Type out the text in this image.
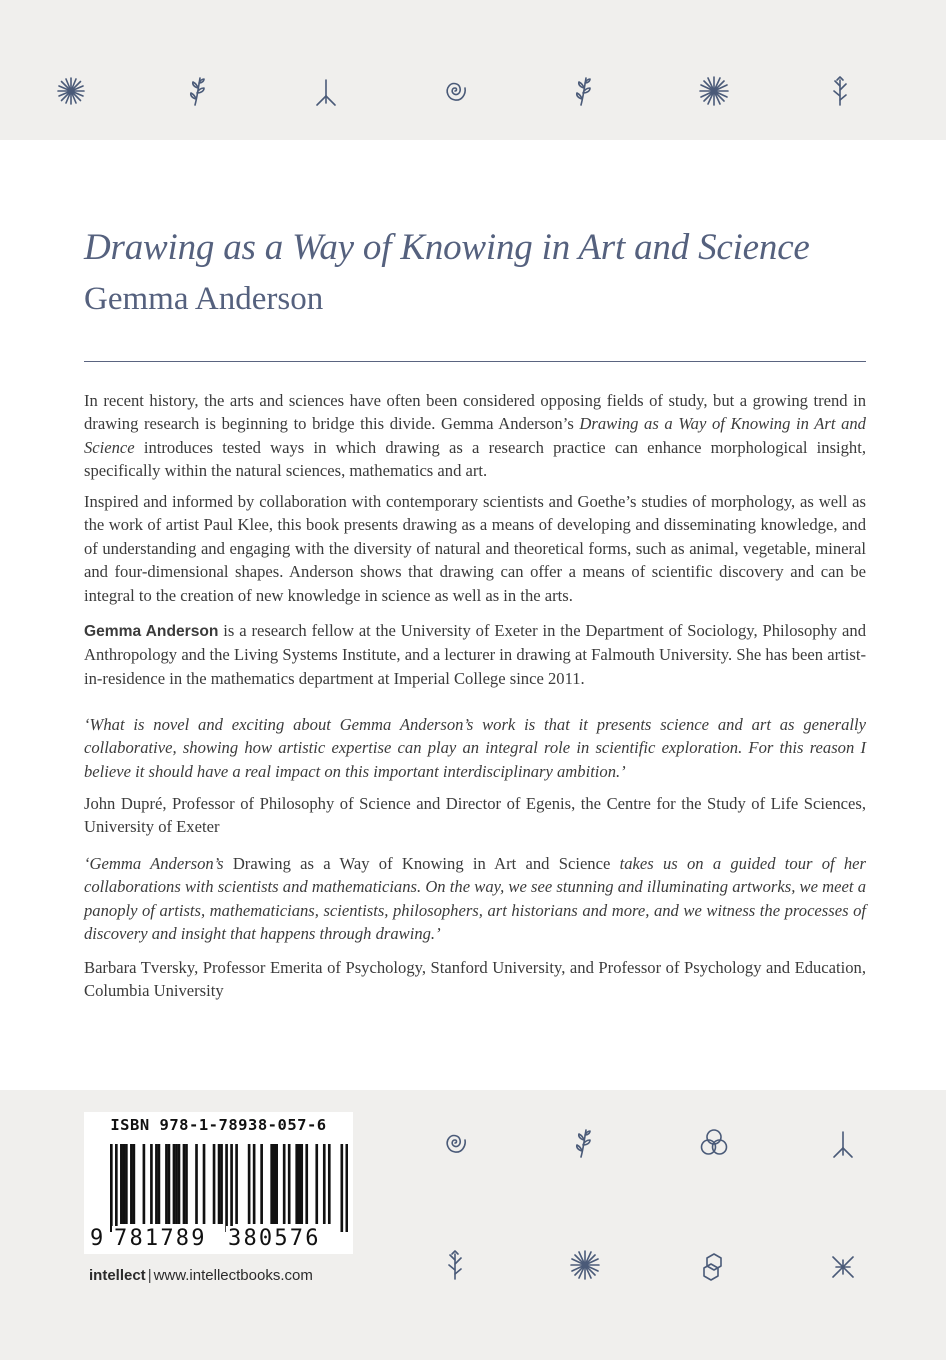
Drawing as a Way of Knowing in Art and Science
Gemma Anderson
In recent history, the arts and sciences have often been considered opposing fields of study, but a growing trend in drawing research is beginning to bridge this divide. Gemma Anderson’s Drawing as a Way of Knowing in Art and Science introduces tested ways in which drawing as a research practice can enhance morphological insight, specifically within the natural sciences, mathematics and art.
Inspired and informed by collaboration with contemporary scientists and Goethe’s studies of morphology, as well as the work of artist Paul Klee, this book presents drawing as a means of developing and disseminating knowledge, and of understanding and engaging with the diversity of natural and theoretical forms, such as animal, vegetable, mineral and four-dimensional shapes. Anderson shows that drawing can offer a means of scientific discovery and can be integral to the creation of new knowledge in science as well as in the arts.
Gemma Anderson is a research fellow at the University of Exeter in the Department of Sociology, Philosophy and Anthropology and the Living Systems Institute, and a lecturer in drawing at Falmouth University. She has been artist-in-residence in the mathematics department at Imperial College since 2011.
‘What is novel and exciting about Gemma Anderson’s work is that it presents science and art as generally collaborative, showing how artistic expertise can play an integral role in scientific exploration. For this reason I believe it should have a real impact on this important interdisciplinary ambition.’
John Dupré, Professor of Philosophy of Science and Director of Egenis, the Centre for the Study of Life Sciences, University of Exeter
‘Gemma Anderson’s Drawing as a Way of Knowing in Art and Science takes us on a guided tour of her collaborations with scientists and mathematicians. On the way, we see stunning and illuminating artworks, we meet a panoply of artists, mathematicians, scientists, philosophers, art historians and more, and we witness the processes of discovery and insight that happens through drawing.’
Barbara Tversky, Professor Emerita of Psychology, Stanford University, and Professor of Psychology and Education, Columbia University
ISBN 978-1-78938-057-6
9 781789 380576
intellect | www.intellectbooks.com
